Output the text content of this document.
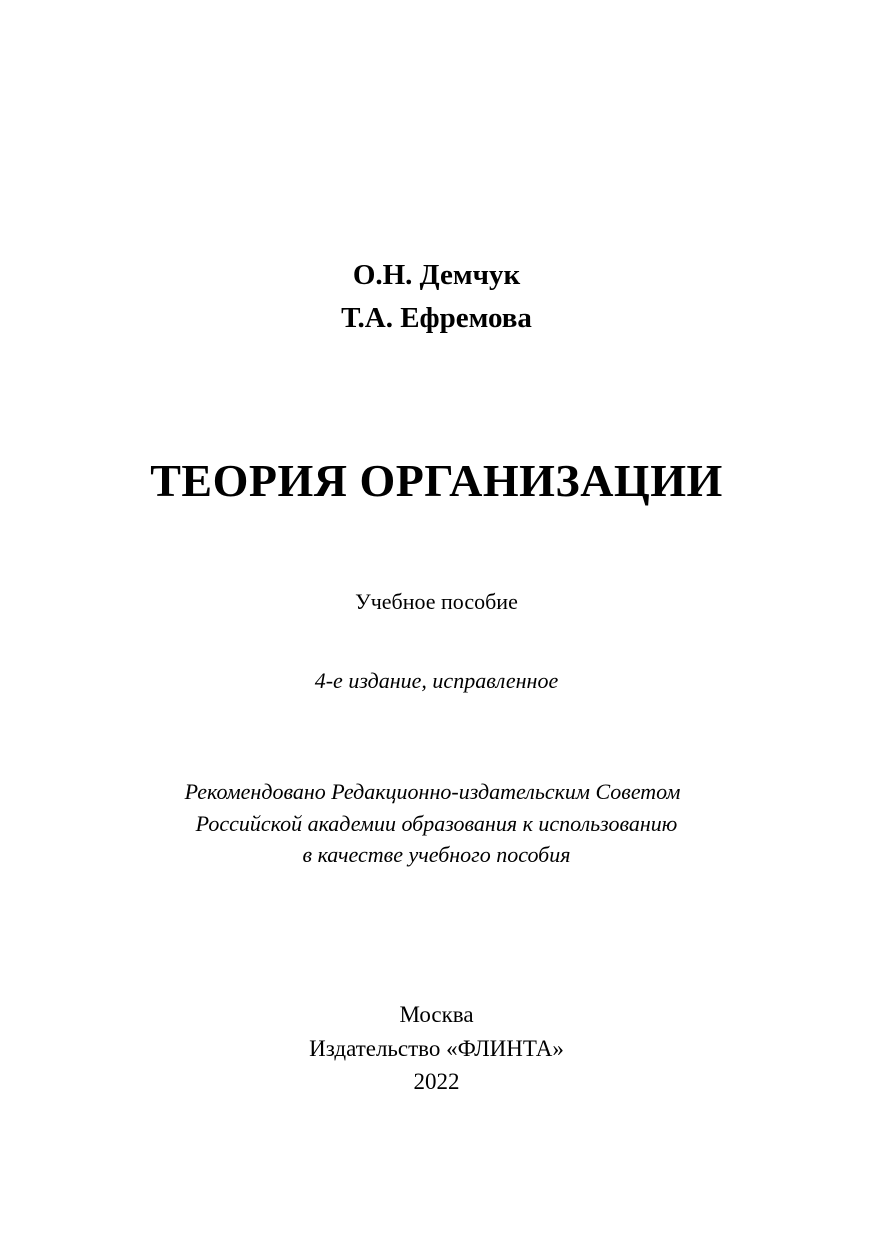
О.Н. Демчук
Т.А. Ефремова
ТЕОРИЯ ОРГАНИЗАЦИИ
Учебное пособие
4-е издание, исправленное
Рекомендовано Редакционно-издательским Советом
Российской академии образования к использованию
в качестве учебного пособия
Москва
Издательство «ФЛИНТА»
2022
